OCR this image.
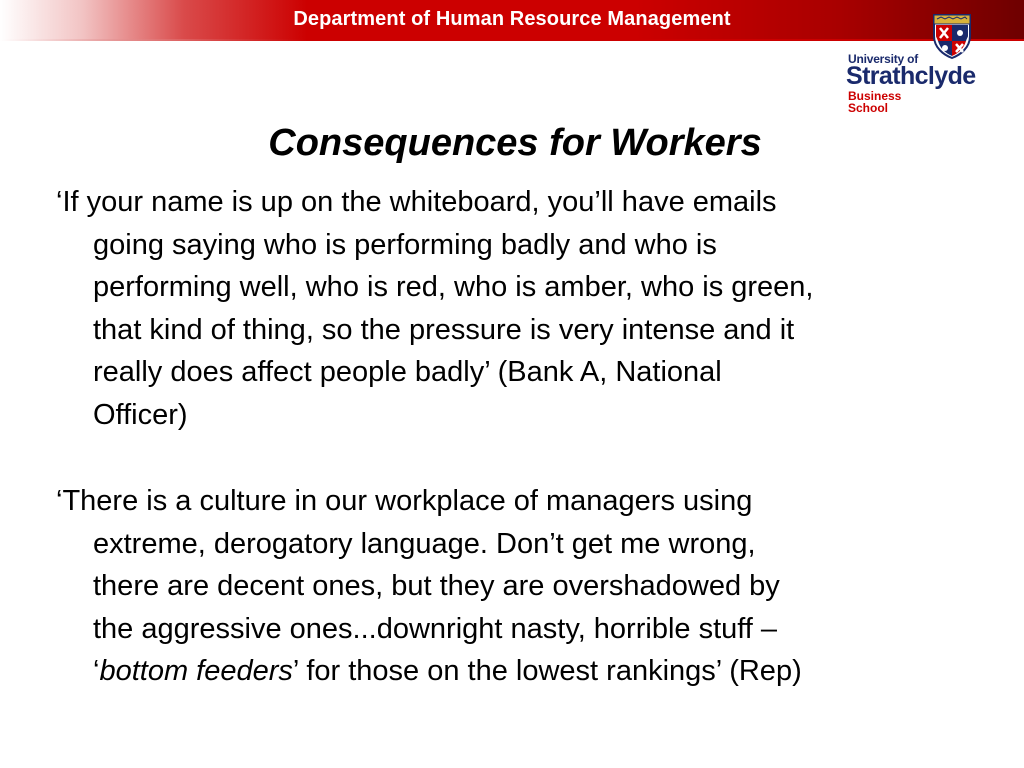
Department of Human Resource Management
University of
Strathclyde
Business
School
Consequences for Workers
‘If your name is up on the whiteboard, you’ll have emails
going saying who is performing badly and who is
performing well, who is red, who is amber, who is green,
that kind of thing, so the pressure is very intense and it
really does affect people badly’ (Bank A, National
Officer)
‘There is a culture in our workplace of managers using
extreme, derogatory language. Don’t get me wrong,
there are decent ones, but they are overshadowed by
the aggressive ones...downright nasty, horrible stuff –
‘bottom feeders’ for those on the lowest rankings’ (Rep)
